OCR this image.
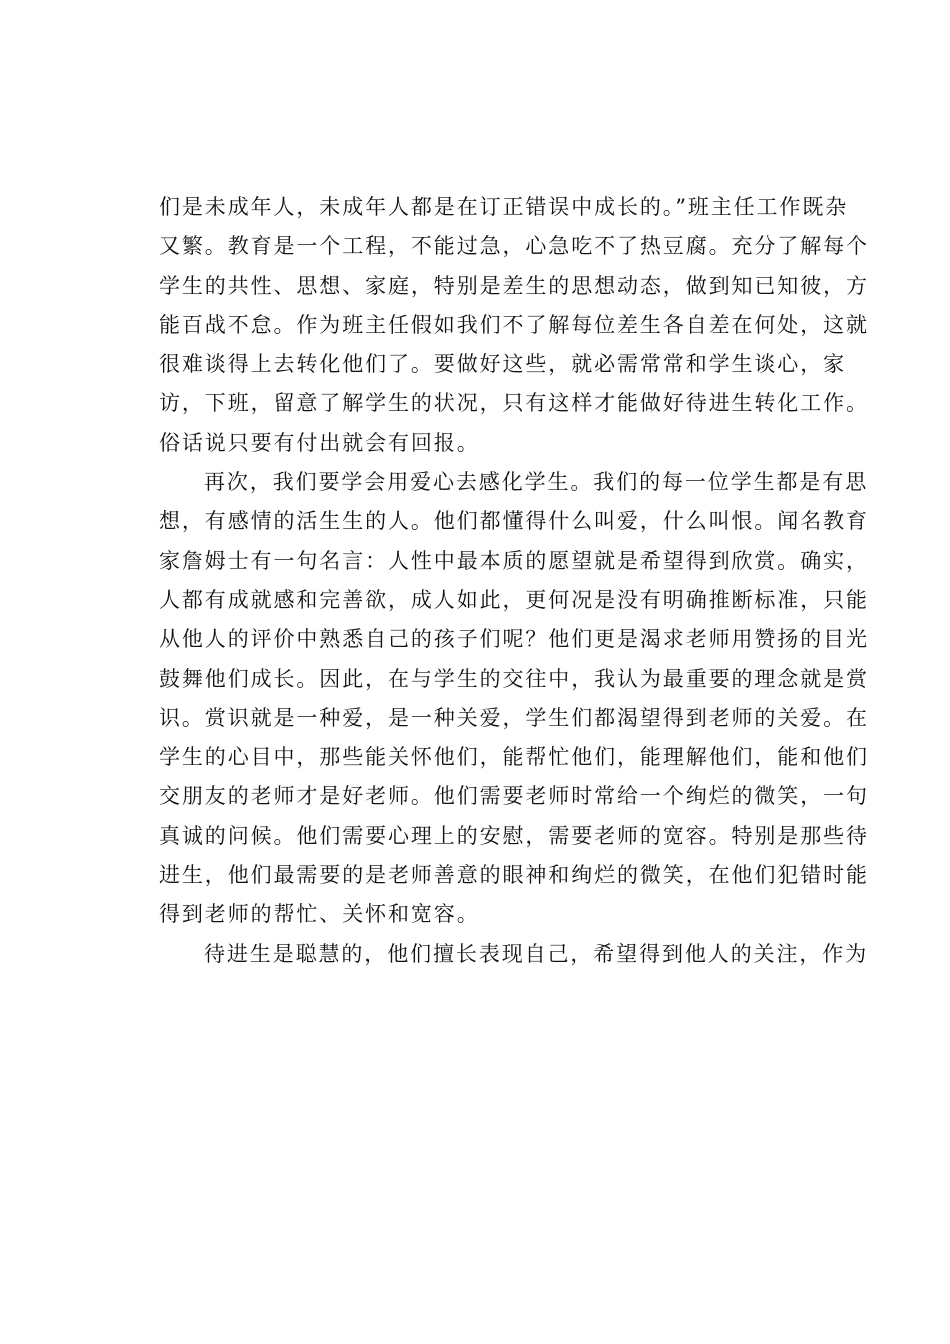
们是未成年人，未成年人都是在订正错误中成长的。”班主任工作既杂
又繁。教育是一个工程，不能过急，心急吃不了热豆腐。充分了解每个
学生的共性、思想、家庭，特别是差生的思想动态，做到知已知彼，方
能百战不怠。作为班主任假如我们不了解每位差生各自差在何处，这就
很难谈得上去转化他们了。要做好这些，就必需常常和学生谈心，家
访，下班，留意了解学生的状况，只有这样才能做好待进生转化工作。
俗话说只要有付出就会有回报。
再次，我们要学会用爱心去感化学生。我们的每一位学生都是有思
想，有感情的活生生的人。他们都懂得什么叫爱，什么叫恨。闻名教育
家詹姆士有一句名言：人性中最本质的愿望就是希望得到欣赏。确实，
人都有成就感和完善欲，成人如此，更何况是没有明确推断标准，只能
从他人的评价中熟悉自己的孩子们呢？他们更是渴求老师用赞扬的目光
鼓舞他们成长。因此，在与学生的交往中，我认为最重要的理念就是赏
识。赏识就是一种爱，是一种关爱，学生们都渴望得到老师的关爱。在
学生的心目中，那些能关怀他们，能帮忙他们，能理解他们，能和他们
交朋友的老师才是好老师。他们需要老师时常给一个绚烂的微笑，一句
真诚的问候。他们需要心理上的安慰，需要老师的宽容。特别是那些待
进生，他们最需要的是老师善意的眼神和绚烂的微笑，在他们犯错时能
得到老师的帮忙、关怀和宽容。
待进生是聪慧的，他们擅长表现自己，希望得到他人的关注，作为
